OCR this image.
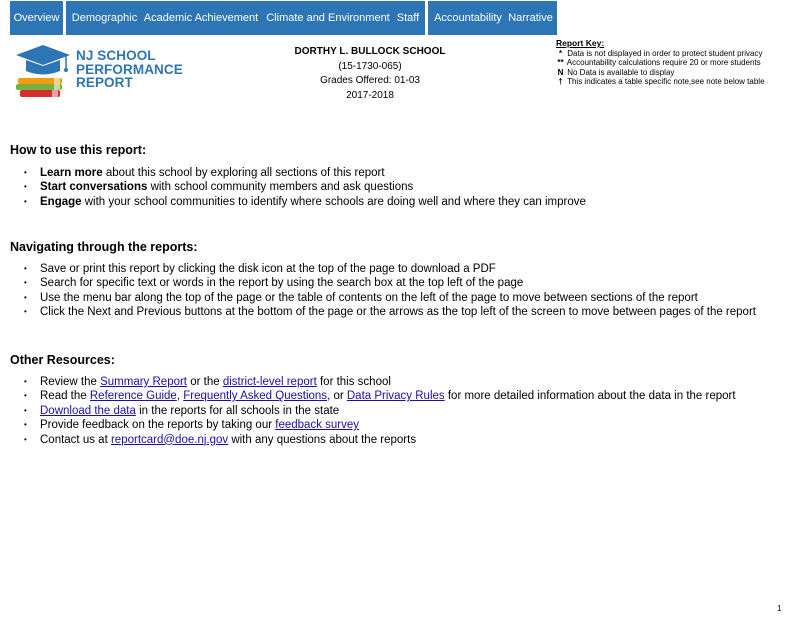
Overview	Demographic Academic Achievement Climate and Environment Staff	Accountability Narrative
NJ SCHOOL
PERFORMANCE
REPORT
DORTHY L. BULLOCK SCHOOL
(15-1730-065)
Grades Offered: 01-03
2017-2018
Report Key:
* Data is not displayed in order to protect student privacy
** Accountability calculations require 20 or more students
N No Data is available to display
† This indicates a table specific note,see note below table
How to use this report:
• Learn more about this school by exploring all sections of this report
• Start conversations with school community members and ask questions
• Engage with your school communities to identify where schools are doing well and where they can improve
Navigating through the reports:
• Save or print this report by clicking the disk icon at the top of the page to download a PDF
• Search for specific text or words in the report by using the search box at the top left of the page
• Use the menu bar along the top of the page or the table of contents on the left of the page to move between sections of the report
• Click the Next and Previous buttons at the bottom of the page or the arrows as the top left of the screen to move between pages of the report
Other Resources:
• Review the Summary Report or the district-level report for this school
• Read the Reference Guide, Frequently Asked Questions, or Data Privacy Rules for more detailed information about the data in the report
• Download the data in the reports for all schools in the state
• Provide feedback on the reports by taking our feedback survey
• Contact us at reportcard@doe.nj.gov with any questions about the reports
1
